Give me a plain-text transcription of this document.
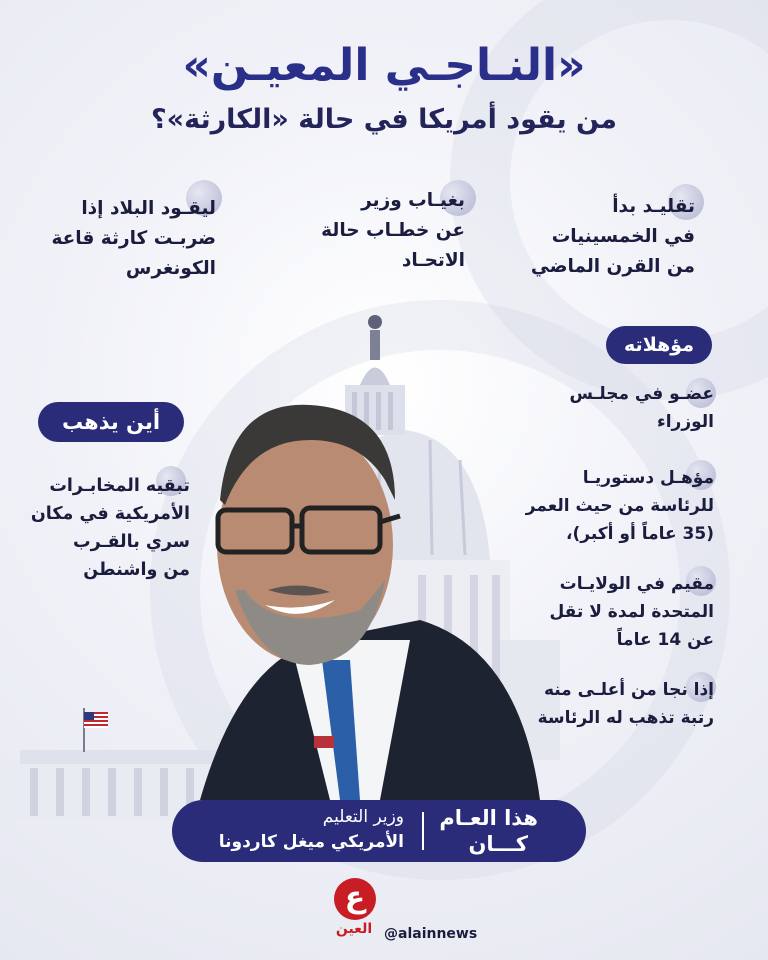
«النـاجـي المعيـن»
من يقود أمريكا في حالة «الكارثة»؟
تقليـد بدأ
في الخمسينيات
من القرن الماضي
بغيـاب وزير
عن خطـاب حالة
الاتحـاد
ليقـود البلاد إذا
ضربـت كارثة قاعة
الكونغرس
مؤهلاته
عضـو في مجلـس
الوزراء
مؤهـل دستوريـا
للرئاسة من حيث العمر
(35 عاماً أو أكبر)،
مقيم في الولايـات
المتحدة لمدة لا تقل
عن 14 عاماً
إذا نجا من أعلـى منه
رتبة تذهب له الرئاسة
أين يذهب
تبقيه المخابـرات
الأمريكية في مكان
سري بالقـرب
من واشنطن
هذا العـام
كـــان
وزير التعليم
الأمريكي ميغل كاردونا
ع
العين @alainnews
